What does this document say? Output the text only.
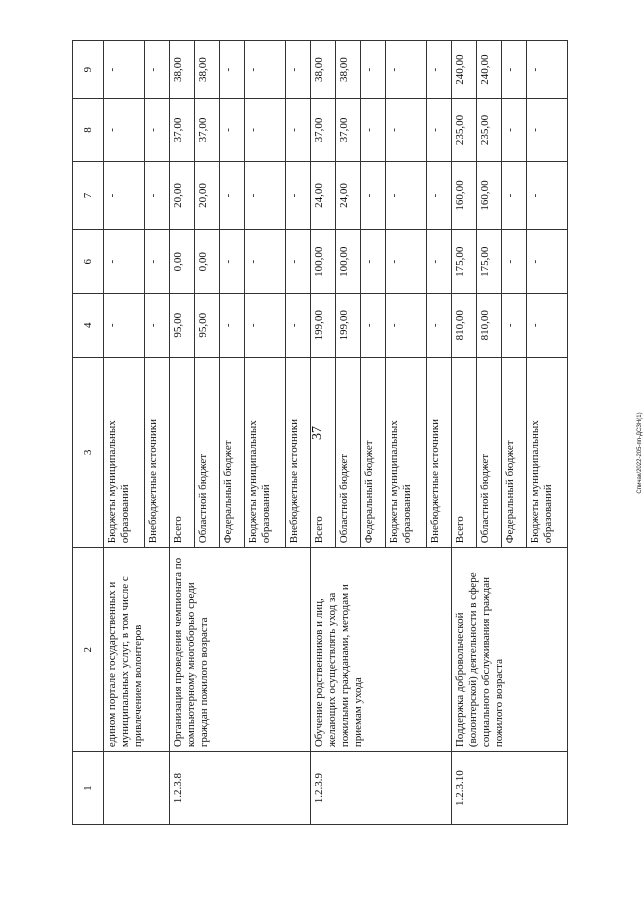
37	Спичак/2022-205-пп-ДСЗН(1)
1	2	3	4	6	7	8	9
	едином портале государственных и муниципальных услуг, в том числе с привлечением волонтеров	Бюджеты муниципальных образований	-	-	-	-	-
		Внебюджетные источники	-	-	-	-	-
1.2.3.8	Организация проведения чемпионата по компьютерному многоборью среди граждан пожилого возраста	Всего	95,00	0,00	20,00	37,00	38,00
		Областной бюджет	95,00	0,00	20,00	37,00	38,00
		Федеральный бюджет	-	-	-	-	-
		Бюджеты муниципальных образований	-	-	-	-	-
		Внебюджетные источники	-	-	-	-	-
1.2.3.9	Обучение родственников и лиц, желающих осуществлять уход за пожилыми гражданами, методам и приемам ухода	Всего	199,00	100,00	24,00	37,00	38,00
		Областной бюджет	199,00	100,00	24,00	37,00	38,00
		Федеральный бюджет	-	-	-	-	-
		Бюджеты муниципальных образований	-	-	-	-	-
		Внебюджетные источники	-	-	-	-	-
1.2.3.10	Поддержка добровольческой (волонтерской) деятельности в сфере социального обслуживания граждан пожилого возраста	Всего	810,00	175,00	160,00	235,00	240,00
		Областной бюджет	810,00	175,00	160,00	235,00	240,00
		Федеральный бюджет	-	-	-	-	-
		Бюджеты муниципальных образований	-	-	-	-	-
